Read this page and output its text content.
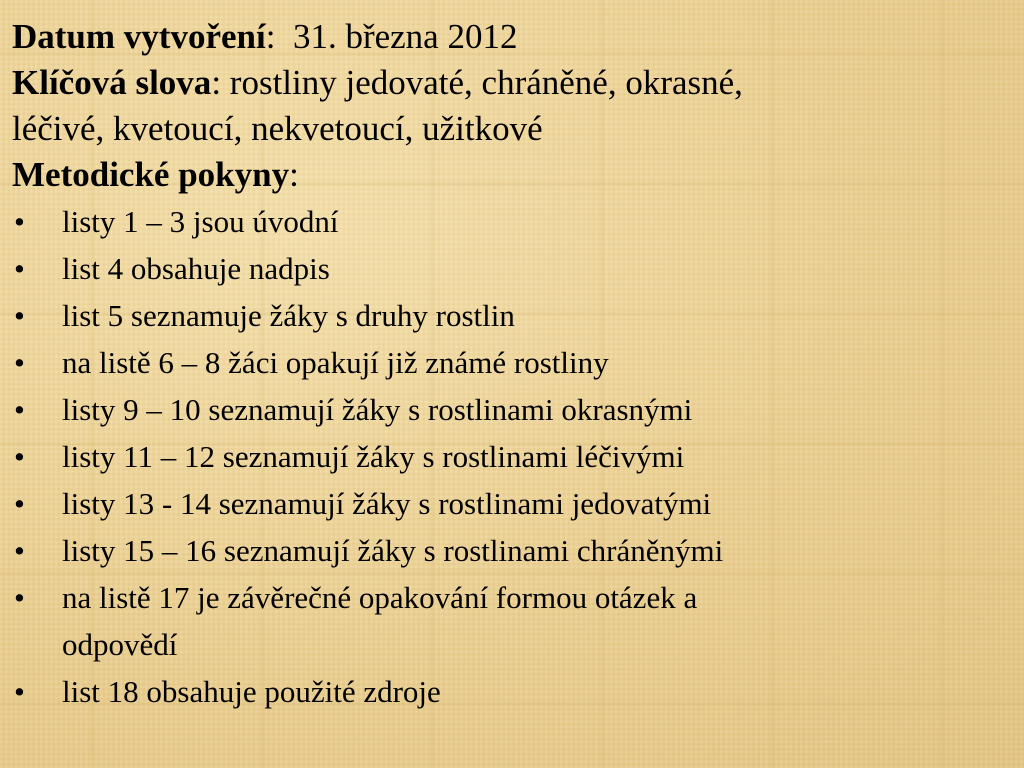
Datum vytvoření: 31. března 2012
Klíčová slova: rostliny jedovaté, chráněné, okrasné,
léčivé, kvetoucí, nekvetoucí, užitkové
Metodické pokyny:
• listy 1 – 3 jsou úvodní
• list 4 obsahuje nadpis
• list 5 seznamuje žáky s druhy rostlin
• na listě 6 – 8 žáci opakují již známé rostliny
• listy 9 – 10 seznamují žáky s rostlinami okrasnými
• listy 11 – 12 seznamují žáky s rostlinami léčivými
• listy 13 - 14 seznamují žáky s rostlinami jedovatými
• listy 15 – 16 seznamují žáky s rostlinami chráněnými
• na listě 17 je závěrečné opakování formou otázek a
odpovědí
• list 18 obsahuje použité zdroje
